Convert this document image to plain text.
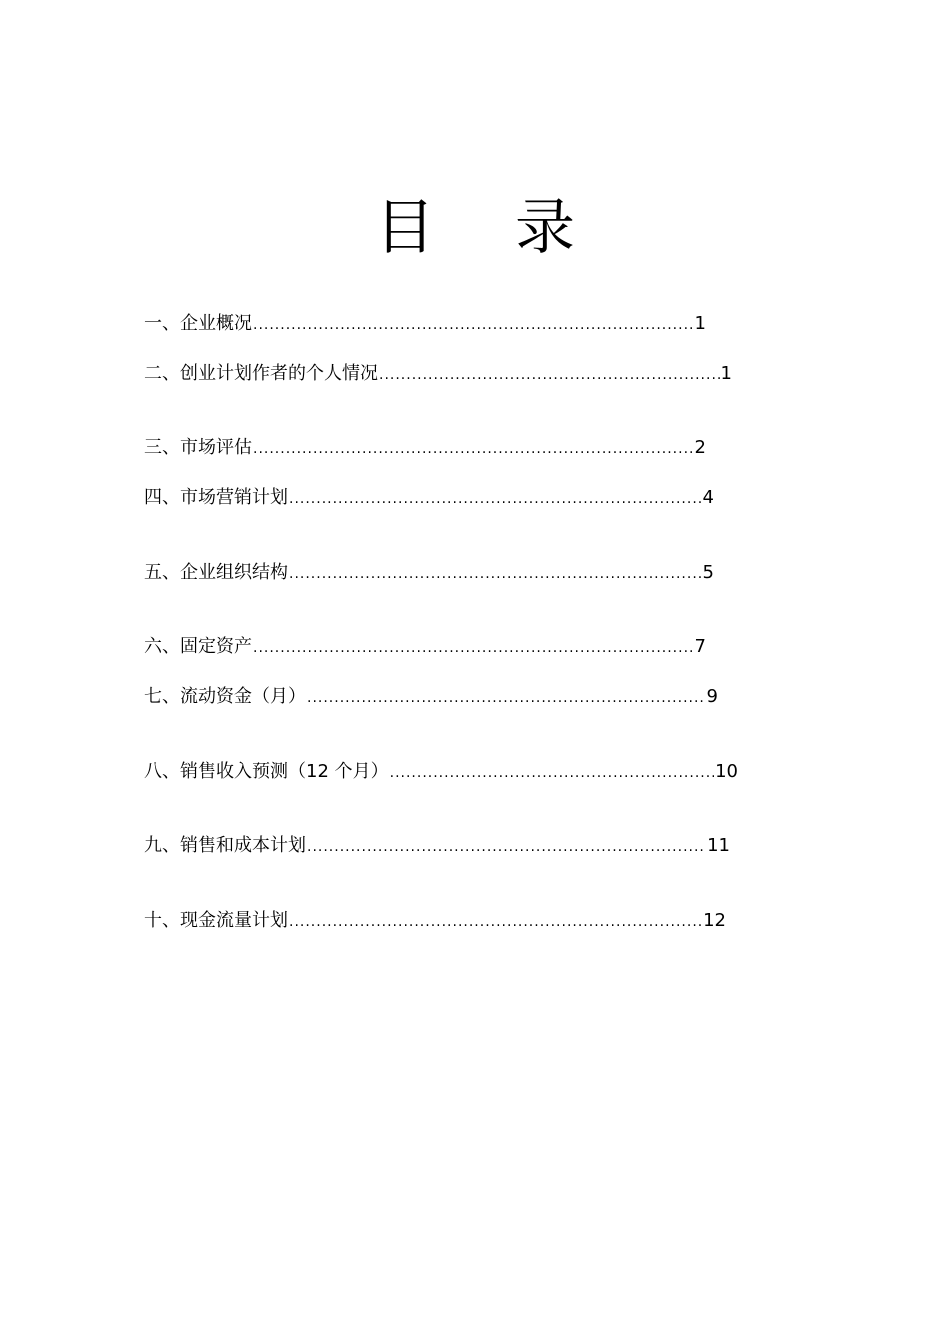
目 录
一、企业概况 .....	1
二、创业计划作者的个人情况 .....	1
三、市场评估 .....	2
四、市场营销计划 .....	4
五、企业组织结构 .....	5
六、固定资产 .....	7
七、流动资金（月） .....	9
八、销售收入预测（12 个月） .....	10
九、销售和成本计划 .....	11
十、现金流量计划 .....	12
